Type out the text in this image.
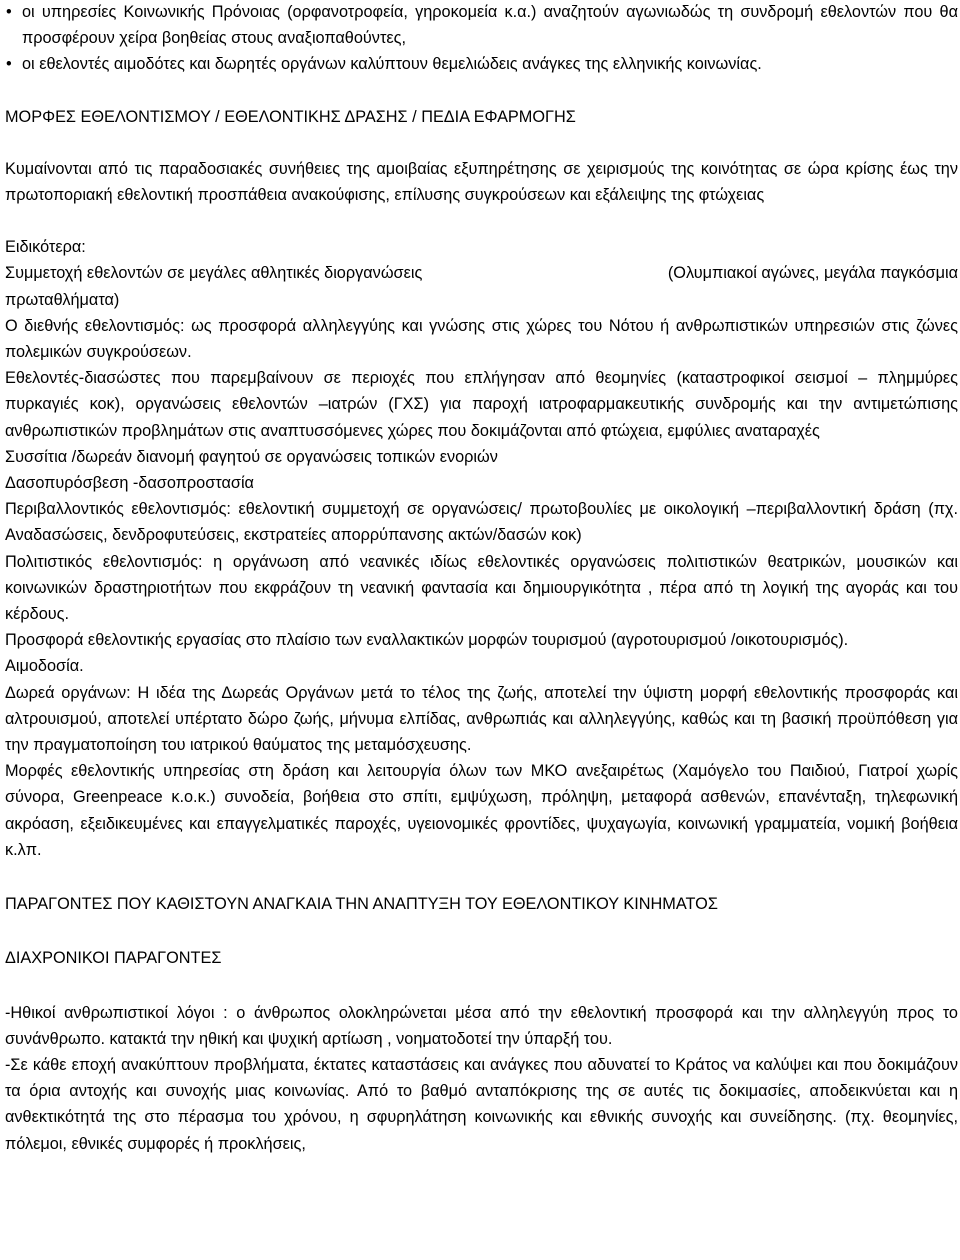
• οι υπηρεσίες Κοινωνικής Πρόνοιας (ορφανοτροφεία, γηροκομεία κ.α.) αναζητούν αγωνιωδώς τη συνδρομή εθελοντών που θα προσφέρουν χείρα βοηθείας στους αναξιοπαθούντες,
• οι εθελοντές αιμοδότες και δωρητές οργάνων καλύπτουν θεμελιώδεις ανάγκες της ελληνικής κοινωνίας.
ΜΟΡΦΕΣ ΕΘΕΛΟΝΤΙΣΜΟΥ / ΕΘΕΛΟΝΤΙΚΗΣ ΔΡΑΣΗΣ / ΠΕΔΙΑ ΕΦΑΡΜΟΓΗΣ

Κυμαίνονται από τις παραδοσιακές συνήθειες της αμοιβαίας εξυπηρέτησης σε χειρισμούς της κοινότητας σε ώρα κρίσης έως την πρωτοποριακή εθελοντική προσπάθεια ανακούφισης, επίλυσης συγκρούσεων και εξάλειψης της φτώχειας

Ειδικότερα:

Συμμετοχή εθελοντών σε μεγάλες αθλητικές διοργανώσεις	(Ολυμπιακοί αγώνες, μεγάλα παγκόσμια

πρωταθλήματα)

Ο διεθνής εθελοντισμός: ως προσφορά αλληλεγγύης και γνώσης στις χώρες του Νότου ή ανθρωπιστικών υπηρεσιών στις ζώνες πολεμικών συγκρούσεων.

Εθελοντές-διασώστες που παρεμβαίνουν σε περιοχές που επλήγησαν από θεομηνίες (καταστροφικοί σεισμοί – πλημμύρες πυρκαγιές κοκ), οργανώσεις εθελοντών –ιατρών (ΓΧΣ) για παροχή ιατροφαρμακευτικής συνδρομής και την αντιμετώπισης ανθρωπιστικών προβλημάτων στις αναπτυσσόμενες χώρες που δοκιμάζονται από φτώχεια, εμφύλιες αναταραχές

Συσσίτια /δωρεάν διανομή φαγητού σε οργανώσεις τοπικών ενοριών

Δασοπυρόσβεση -δασοπροστασία

Περιβαλλοντικός εθελοντισμός: εθελοντική συμμετοχή σε οργανώσεις/ πρωτοβουλίες με οικολογική –περιβαλλοντική δράση (πχ. Αναδασώσεις, δενδροφυτεύσεις, εκστρατείες απορρύπανσης ακτών/δασών κοκ)

Πολιτιστικός εθελοντισμός: η οργάνωση από νεανικές ιδίως εθελοντικές οργανώσεις πολιτιστικών θεατρικών, μουσικών και κοινωνικών δραστηριοτήτων που εκφράζουν τη νεανική φαντασία και δημιουργικότητα , πέρα από τη λογική της αγοράς και του κέρδους.

Προσφορά εθελοντικής εργασίας στο πλαίσιο των εναλλακτικών μορφών τουρισμού (αγροτουρισμού /οικοτουρισμός).

Αιμοδοσία.

Δωρεά οργάνων: Η ιδέα της Δωρεάς Οργάνων μετά το τέλος της ζωής, αποτελεί την ύψιστη μορφή εθελοντικής προσφοράς και αλτρουισμού, αποτελεί υπέρτατο δώρο ζωής, μήνυμα ελπίδας, ανθρωπιάς και αλληλεγγύης, καθώς και τη βασική προϋπόθεση για την πραγματοποίηση του ιατρικού θαύματος της μεταμόσχευσης.

Μορφές εθελοντικής υπηρεσίας στη δράση και λειτουργία όλων των ΜΚΟ ανεξαιρέτως (Χαμόγελο του Παιδιού, Γιατροί χωρίς σύνορα, Greenpeace κ.ο.κ.) συνοδεία, βοήθεια στο σπίτι, εμψύχωση, πρόληψη, μεταφορά ασθενών, επανένταξη, τηλεφωνική ακρόαση, εξειδικευμένες και επαγγελματικές παροχές, υγειονομικές φροντίδες, ψυχαγωγία, κοινωνική γραμματεία, νομική βοήθεια κ.λπ.

ΠΑΡΑΓΟΝΤΕΣ ΠΟΥ ΚΑΘΙΣΤΟΥΝ ΑΝΑΓΚΑΙΑ ΤΗΝ ΑΝΑΠΤΥΞΗ ΤΟΥ ΕΘΕΛΟΝΤΙΚΟΥ ΚΙΝΗΜΑΤΟΣ
ΔΙΑΧΡΟΝΙΚΟΙ ΠΑΡΑΓΟΝΤΕΣ

-Ηθικοί ανθρωπιστικοί λόγοι : ο άνθρωπος ολοκληρώνεται μέσα από την εθελοντική προσφορά και την αλληλεγγύη προς το συνάνθρωπο. κατακτά την ηθική και ψυχική αρτίωση , νοηματοδοτεί την ύπαρξή του.

-Σε κάθε εποχή ανακύπτουν προβλήματα, έκτατες καταστάσεις και ανάγκες που αδυνατεί το Κράτος να καλύψει και που δοκιμάζουν τα όρια αντοχής και συνοχής μιας κοινωνίας. Από το βαθμό ανταπόκρισης της σε αυτές τις δοκιμασίες, αποδεικνύεται και η ανθεκτικότητά της στο πέρασμα του χρόνου, η σφυρηλάτηση κοινωνικής και εθνικής συνοχής και συνείδησης. (πχ. θεομηνίες, πόλεμοι, εθνικές συμφορές ή προκλήσεις,
